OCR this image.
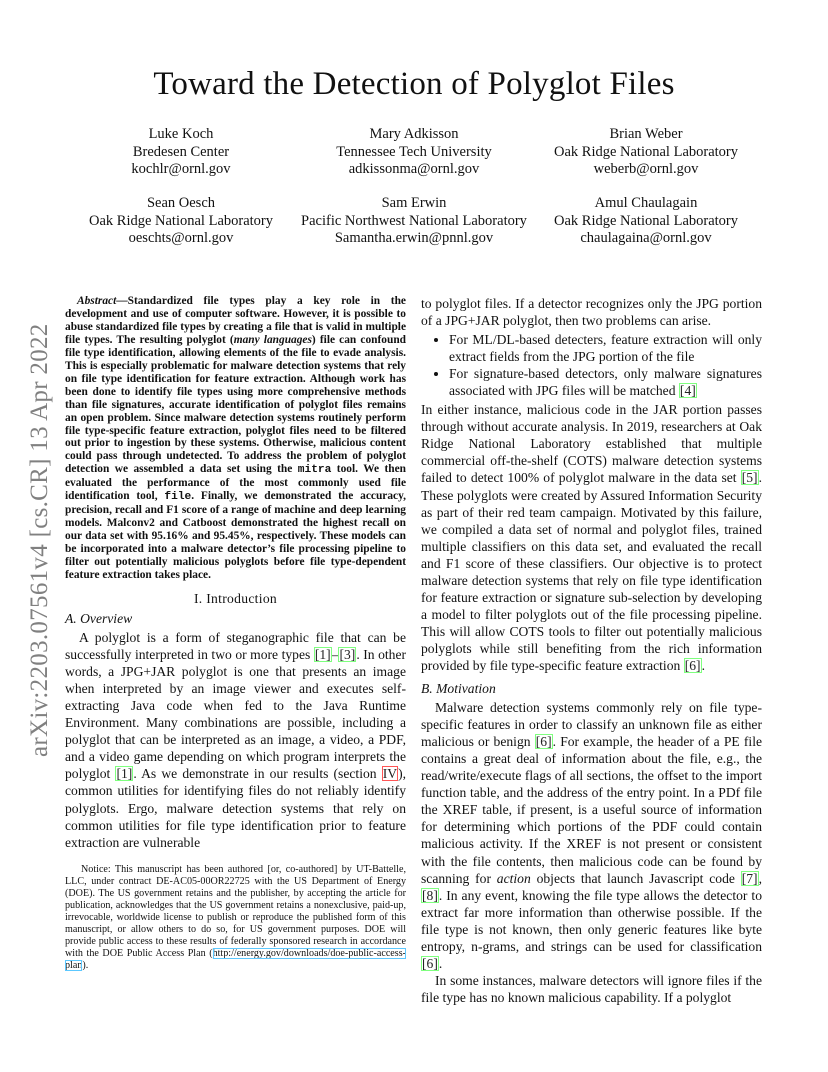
arXiv:2203.07561v4 [cs.CR] 13 Apr 2022
Toward the Detection of Polyglot Files
Luke Koch
Bredesen Center
kochlr@ornl.gov
Mary Adkisson
Tennessee Tech University
adkissonma@ornl.gov
Brian Weber
Oak Ridge National Laboratory
weberb@ornl.gov
Sean Oesch
Oak Ridge National Laboratory
oeschts@ornl.gov
Sam Erwin
Pacific Northwest National Laboratory
Samantha.erwin@pnnl.gov
Amul Chaulagain
Oak Ridge National Laboratory
chaulagaina@ornl.gov

Abstract—Standardized file types play a key role in the development and use of computer software. However, it is possible to abuse standardized file types by creating a file that is valid in multiple file types. The resulting polyglot (many languages) file can confound file type identification, allowing elements of the file to evade analysis. This is especially problematic for malware detection systems that rely on file type identification for feature extraction. Although work has been done to identify file types using more comprehensive methods than file signatures, accurate identification of polyglot files remains an open problem. Since malware detection systems routinely perform file type-specific feature extraction, polyglot files need to be filtered out prior to ingestion by these systems. Otherwise, malicious content could pass through undetected. To address the problem of polyglot detection we assembled a data set using the mitra tool. We then evaluated the performance of the most commonly used file identification tool, file. Finally, we demonstrated the accuracy, precision, recall and F1 score of a range of machine and deep learning models. Malconv2 and Catboost demonstrated the highest recall on our data set with 95.16% and 95.45%, respectively. These models can be incorporated into a malware detector’s file processing pipeline to filter out potentially malicious polyglots before file type-dependent feature extraction takes place.

I. Introduction
A. Overview

A polyglot is a form of steganographic file that can be successfully interpreted in two or more types [1]–[3]. In other words, a JPG+JAR polyglot is one that presents an image when interpreted by an image viewer and executes self-extracting Java code when fed to the Java Runtime Environment. Many combinations are possible, including a polyglot that can be interpreted as an image, a video, a PDF, and a video game depending on which program interprets the polyglot [1]. As we demonstrate in our results (section IV), common utilities for identifying files do not reliably identify polyglots. Ergo, malware detection systems that rely on common utilities for file type identification prior to feature extraction are vulnerable

Notice: This manuscript has been authored [or, co-authored] by UT-Battelle, LLC, under contract DE-AC05-00OR22725 with the US Department of Energy (DOE). The US government retains and the publisher, by accepting the article for publication, acknowledges that the US government retains a nonexclusive, paid-up, irrevocable, worldwide license to publish or reproduce the published form of this manuscript, or allow others to do so, for US government purposes. DOE will provide public access to these results of federally sponsored research in accordance with the DOE Public Access Plan (http://energy.gov/downloads/doe-public-access-plan).

to polyglot files. If a detector recognizes only the JPG portion of a JPG+JAR polyglot, then two problems can arise.

• For ML/DL-based detecters, feature extraction will only extract fields from the JPG portion of the file
• For signature-based detectors, only malware signatures associated with JPG files will be matched [4]

In either instance, malicious code in the JAR portion passes through without accurate analysis. In 2019, researchers at Oak Ridge National Laboratory established that multiple commercial off-the-shelf (COTS) malware detection systems failed to detect 100% of polyglot malware in the data set [5]. These polyglots were created by Assured Information Security as part of their red team campaign. Motivated by this failure, we compiled a data set of normal and polyglot files, trained multiple classifiers on this data set, and evaluated the recall and F1 score of these classifiers. Our objective is to protect malware detection systems that rely on file type identification for feature extraction or signature sub-selection by developing a model to filter polyglots out of the file processing pipeline. This will allow COTS tools to filter out potentially malicious polyglots while still benefiting from the rich information provided by file type-specific feature extraction [6].

B. Motivation

Malware detection systems commonly rely on file type-specific features in order to classify an unknown file as either malicious or benign [6]. For example, the header of a PE file contains a great deal of information about the file, e.g., the read/write/execute flags of all sections, the offset to the import function table, and the address of the entry point. In a PDf file the XREF table, if present, is a useful source of information for determining which portions of the PDF could contain malicious activity. If the XREF is not present or consistent with the file contents, then malicious code can be found by scanning for action objects that launch Javascript code [7], [8]. In any event, knowing the file type allows the detector to extract far more information than otherwise possible. If the file type is not known, then only generic features like byte entropy, n-grams, and strings can be used for classification [6].

In some instances, malware detectors will ignore files if the file type has no known malicious capability. If a polyglot
